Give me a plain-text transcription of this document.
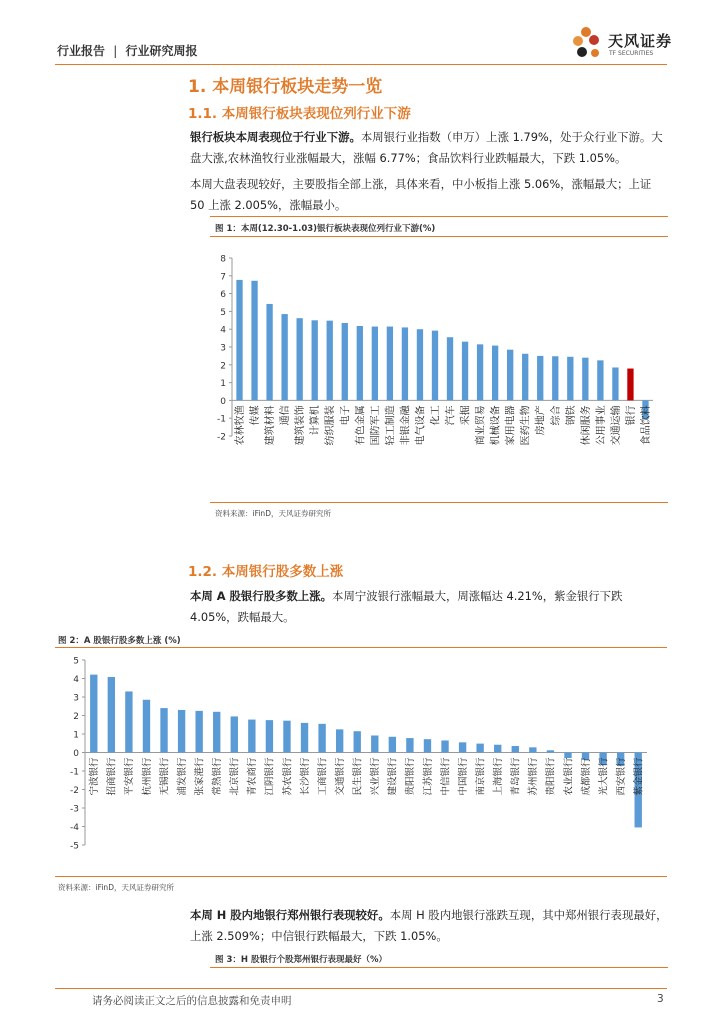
行业报告 | 行业研究周报
天风证券
TF SECURITIES
1. 本周银行板块走势一览
1.1. 本周银行板块表现位列行业下游
银行板块本周表现位于行业下游。本周银行业指数（申万）上涨 1.79%，处于众行业下游。大盘大涨,农林渔牧行业涨幅最大，涨幅 6.77%；食品饮料行业跌幅最大，下跌 1.05%。
本周大盘表现较好，主要股指全部上涨，具体来看，中小板指上涨 5.06%，涨幅最大；上证 50 上涨 2.005%，涨幅最小。
图 1：本周(12.30-1.03)银行板块表现位列行业下游(%)
-2
-1
0
1
2
3
4
5
6
7
8
农林牧渔 传媒 建筑材料 通信 建筑装饰 计算机 纺织服装 电子 有色金属 国防军工 轻工制造 非银金融 电气设备 化工 汽车 采掘 商业贸易 机械设备 家用电器 医药生物 房地产 综合 钢铁 休闲服务 公用事业 交通运输 银行 食品饮料
资料来源：iFinD，天风证券研究所
1.2. 本周银行股多数上涨
本周 A 股银行股多数上涨。本周宁波银行涨幅最大，周涨幅达 4.21%，紫金银行下跌 4.05%，跌幅最大。
图 2：A 股银行股多数上涨 (%)
-5
-4
-3
-2
-1
0
1
2
3
4
5
宁波银行 招商银行 平安银行 杭州银行 无锡银行 浦发银行 张家港行 常熟银行 北京银行 青农商行 江阴银行 苏农银行 长沙银行 工商银行 交通银行 民生银行 兴业银行 建设银行 贵阳银行 江苏银行 中信银行 中国银行 南京银行 上海银行 青岛银行 苏州银行 贵阳银行 农业银行 成都银行 光大银行 西安银行 紫金银行
资料来源：iFinD，天风证券研究所
本周 H 股内地银行郑州银行表现较好。本周 H 股内地银行涨跌互现，其中郑州银行表现最好，上涨 2.509%；中信银行跌幅最大，下跌 1.05%。
图 3：H 股银行个股郑州银行表现最好（%）
请务必阅读正文之后的信息披露和免责申明	3
